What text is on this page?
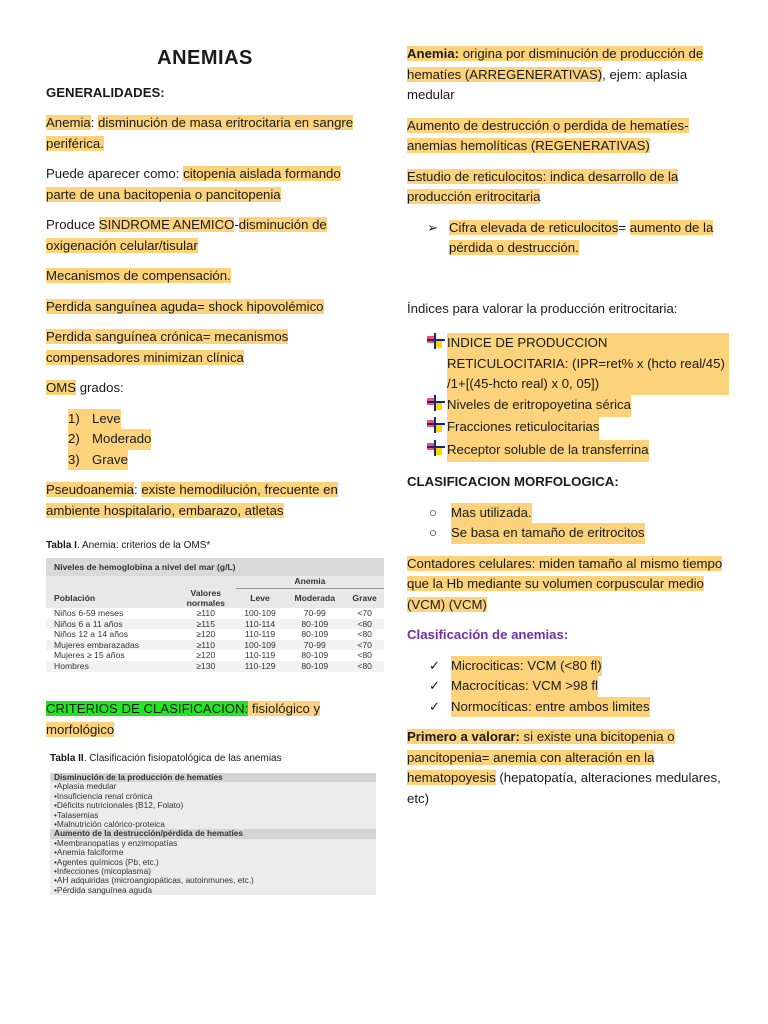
ANEMIAS
GENERALIDADES:
Anemia: disminución de masa eritrocitaria en sangre periférica.
Puede aparecer como: citopenia aislada formando parte de una bacitopenia o pancitopenia
Produce SINDROME ANEMICO-disminución de oxigenación celular/tisular
Mecanismos de compensación.
Perdida sanguínea aguda= shock hipovolémico
Perdida sanguínea crónica= mecanismos compensadores minimizan clínica
OMS grados:
1) Leve
2) Moderado
3) Grave
Pseudoanemia: existe hemodilución, frecuente en ambiente hospitalario, embarazo, atletas
Tabla I. Anemia: criterios de la OMS*
Niveles de hemoglobina a nivel del mar (g/L)
		Anemia		
Población	Valores normales	Leve	Moderada	Grave
Niños 6-59 meses	≥110	100-109	70-99	<70
Niños 6 a 11 años	≥115	110-114	80-109	<80
Niños 12 a 14 años	≥120	110-119	80-109	<80
Mujeres embarazadas	≥110	100-109	70-99	<70
Mujeres ≥ 15 años	≥120	110-119	80-109	<80
Hombres	≥130	110-129	80-109	<80
CRITERIOS DE CLASIFICACION: fisiológico y morfológico
Tabla II. Clasificación fisiopatológica de las anemias
Disminución de la producción de hematíes
•Aplasia medular
•Insuficiencia renal crónica
•Déficits nutricionales (B12, Folato)
•Talasemias
•Malnutrición calórico-proteica
Aumento de la destrucción/pérdida de hematíes
•Membranopatías y enzimopatías
•Anemia falciforme
•Agentes químicos (Pb, etc.)
•Infecciones (micoplasma)
•AH adquiridas (microangiopáticas, autoinmunes, etc.)
•Pérdida sanguínea aguda
Anemia: origina por disminución de producción de hematíes (ARREGENERATIVAS), ejem: aplasia medular
Aumento de destrucción o perdida de hematíes-anemias hemolíticas (REGENERATIVAS)
Estudio de reticulocitos: indica desarrollo de la producción eritrocitaria
➢ Cifra elevada de reticulocitos= aumento de la pérdida o destrucción.
Índices para valorar la producción eritrocitaria:
INDICE DE PRODUCCION RETICULOCITARIA: (IPR=ret% x (hcto real/45) /1+[(45-hcto real) x 0, 05])
Niveles de eritropoyetina sérica
Fracciones reticulocitarias
Receptor soluble de la transferrina
CLASIFICACION MORFOLOGICA:
○	Mas utilizada.
○	Se basa en tamaño de eritrocitos
Contadores celulares: miden tamaño al mismo tiempo que la Hb mediante su volumen corpuscular medio (VCM) (VCM)
Clasificación de anemias:
✓ Microciticas: VCM (<80 fl)
✓ Macrocíticas: VCM >98 fl
✓ Normocíticas: entre ambos limites
Primero a valorar: si existe una bicitopenia o pancitopenia= anemia con alteración en la hematopoyesis (hepatopatía, alteraciones medulares, etc)
